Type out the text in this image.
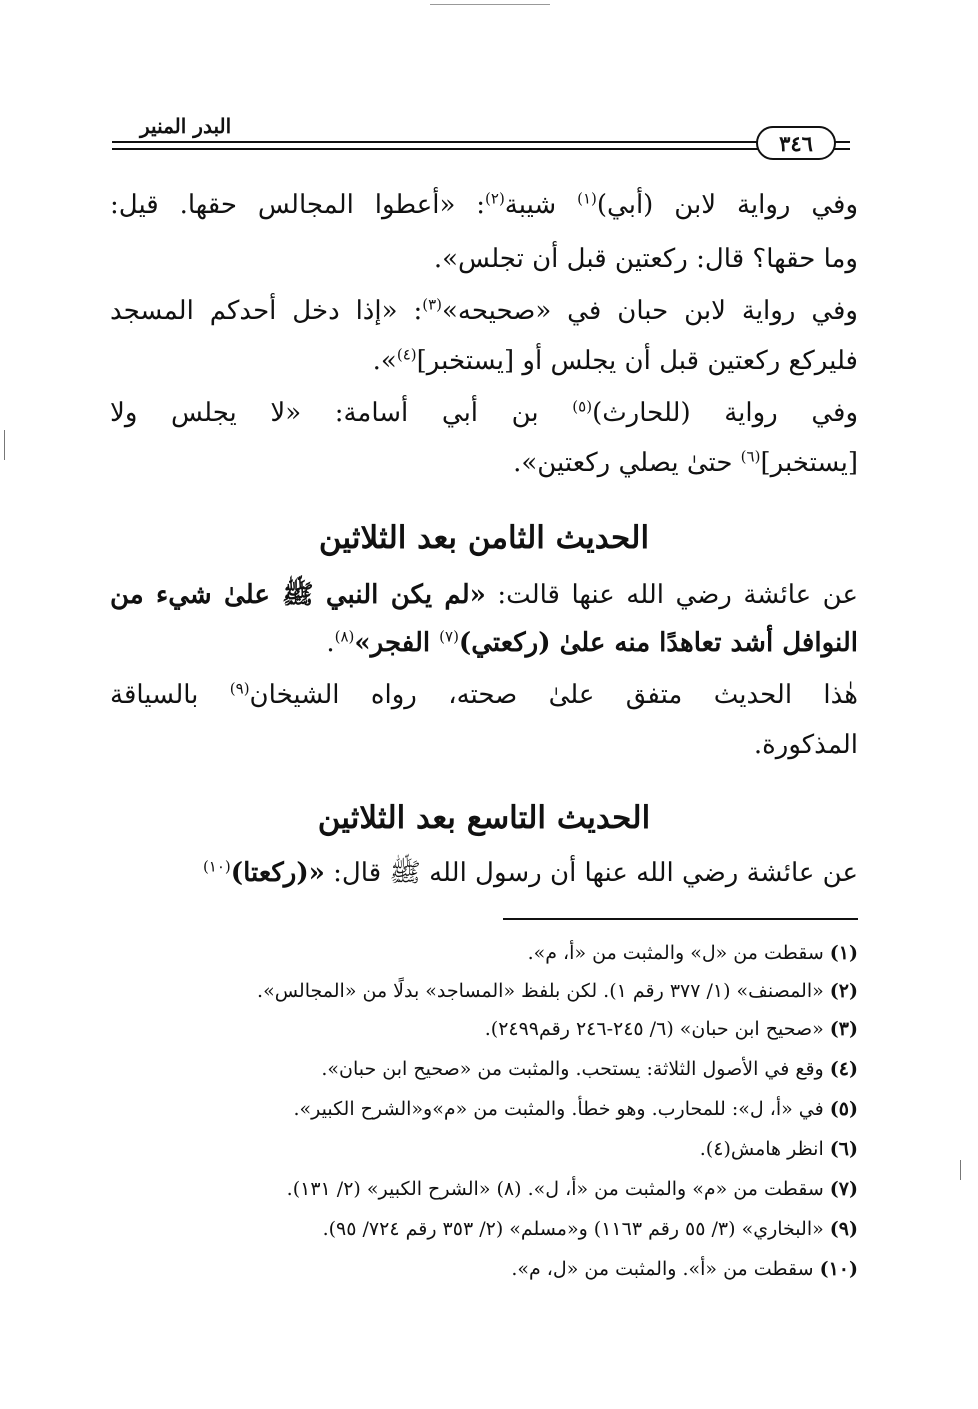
البدر المنير
٣٤٦
وفي رواية لابن (أبي)$^{(١)}$ شيبة$^{(٢)}$: «أعطوا المجالس حقها. قيل:
وما حقها؟ قال: ركعتين قبل أن تجلس».
وفي رواية لابن حبان في «صحيحه»$^{(٣)}$: «إذا دخل أحدكم المسجد
فليركع ركعتين قبل أن يجلس أو [يستخبر]$^{(٤)}$».
وفي رواية (للحارث)$^{(٥)}$ بن أبي أسامة: «لا يجلس ولا
[يستخبر]$^{(٦)}$ حتىٰ يصلي ركعتين».
الحديث الثامن بعد الثلاثين
عن عائشة رضي الله عنها قالت: «لم يكن النبي ﷺ علىٰ شيء من
النوافل أشد تعاهدًا منه علىٰ (ركعتي)$^{(٧)}$ الفجر»$^{(٨)}$.
هٰذا الحديث متفق علىٰ صحته، رواه الشيخان$^{(٩)}$ بالسياقة
المذكورة.
الحديث التاسع بعد الثلاثين
عن عائشة رضي الله عنها أن رسول الله ﷺ قال: «(ركعتا)$^{(١٠)}$
(١) سقطت من «ل» والمثبت من «أ، م».
(٢) «المصنف» (١/ ٣٧٧ رقم ١). لكن بلفظ «المساجد» بدلًا من «المجالس».
(٣) «صحيح ابن حبان» (٦/ ٢٤٥-٢٤٦ رقم٢٤٩٩).
(٤) وقع في الأصول الثلاثة: يستحب. والمثبت من «صحيح ابن حبان».
(٥) في «أ، ل»: للمحارب. وهو خطأ. والمثبت من «م»و«الشرح الكبير».
(٦) انظر هامش(٤).
(٧) سقطت من «م» والمثبت من «أ، ل». (٨) «الشرح الكبير» (٢/ ١٣١).
(٩) «البخاري» (٣/ ٥٥ رقم ١١٦٣) و«مسلم» (٢/ ٣٥٣ رقم ٧٢٤/ ٩٥).
(١٠) سقطت من «أ». والمثبت من «ل، م».
